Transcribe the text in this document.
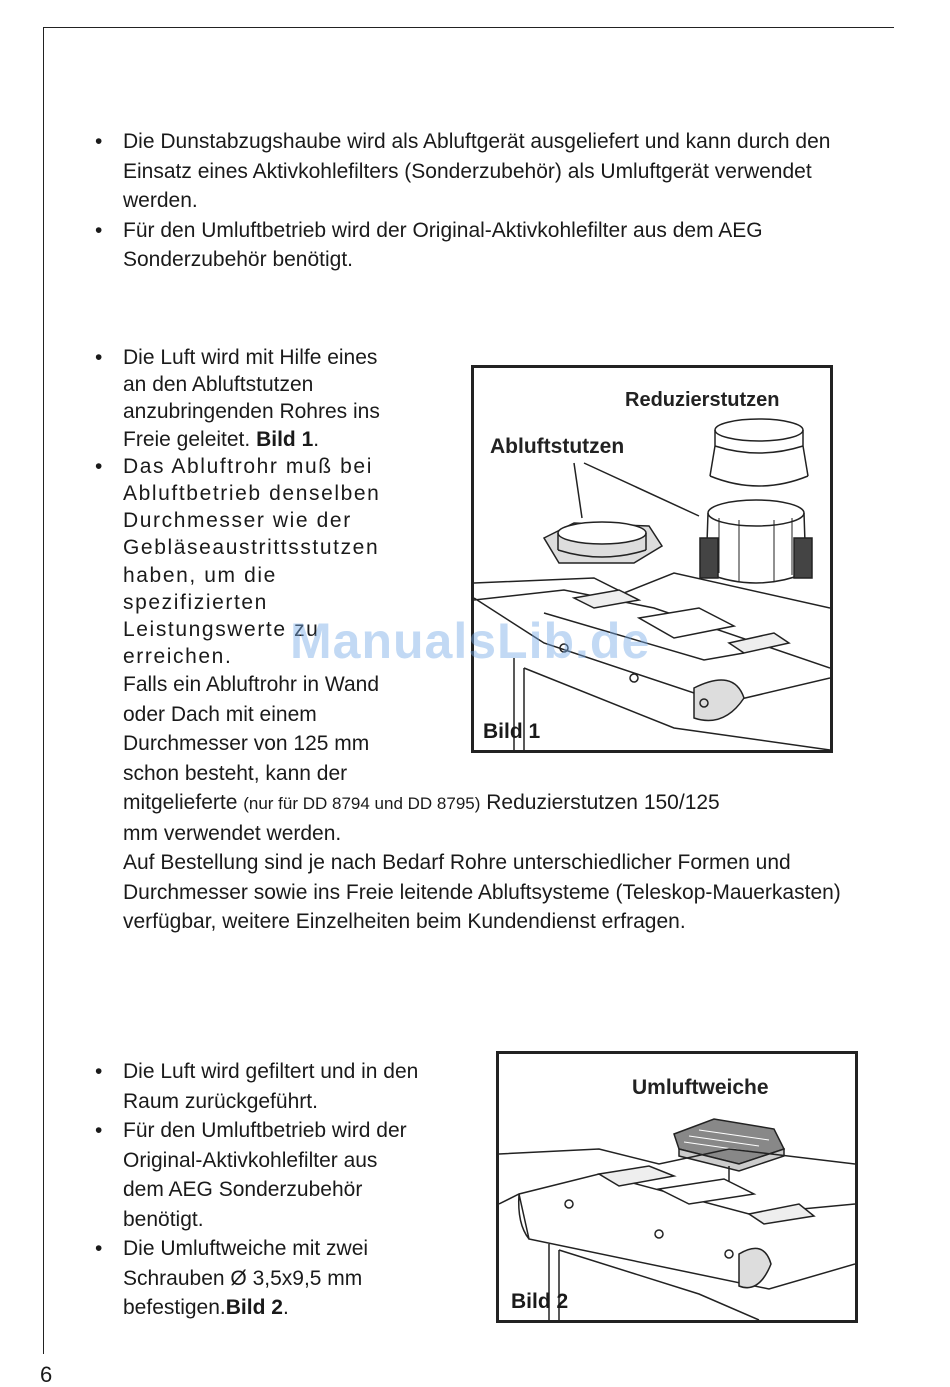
• Die Dunstabzugshaube wird als Abluftgerät ausgeliefert und kann durch den Einsatz eines Aktivkohlefilters (Sonderzubehör) als Umluftgerät verwendet werden.

• Für den Umluftbetrieb wird der Original-Aktivkohlefilter aus dem AEG Sonderzubehör benötigt.

• Die Luft wird mit Hilfe eines
an den Abluftstutzen
anzubringenden Rohres ins
Freie geleitet. Bild 1.

• Das Abluftrohr muß bei
Abluftbetrieb denselben
Durchmesser wie der
Gebläseaustrittsstutzen
haben, um die
spezifizierten
Leistungswerte zu
erreichen.

Falls ein Abluftrohr in Wand
oder Dach mit einem
Durchmesser von 125 mm
schon besteht, kann der

mitgelieferte (nur für DD 8794 und DD 8795) Reduzierstutzen 150/125
mm verwendet werden.

Auf Bestellung sind je nach Bedarf Rohre unterschiedlicher Formen und Durchmesser sowie ins Freie leitende Abluftsysteme (Teleskop-Mauerkasten) verfügbar, weitere Einzelheiten beim Kundendienst erfragen.

Reduzierstutzen
Abluftstutzen
Bild 1
ManualsLib.de

• Die Luft wird gefiltert und in den
Raum zurückgeführt.

• Für den Umluftbetrieb wird der
Original-Aktivkohlefilter aus
dem AEG Sonderzubehör
benötigt.

• Die Umluftweiche mit zwei
Schrauben Ø 3,5x9,5 mm
befestigen.Bild 2.

Umluftweiche
Bild 2
6
